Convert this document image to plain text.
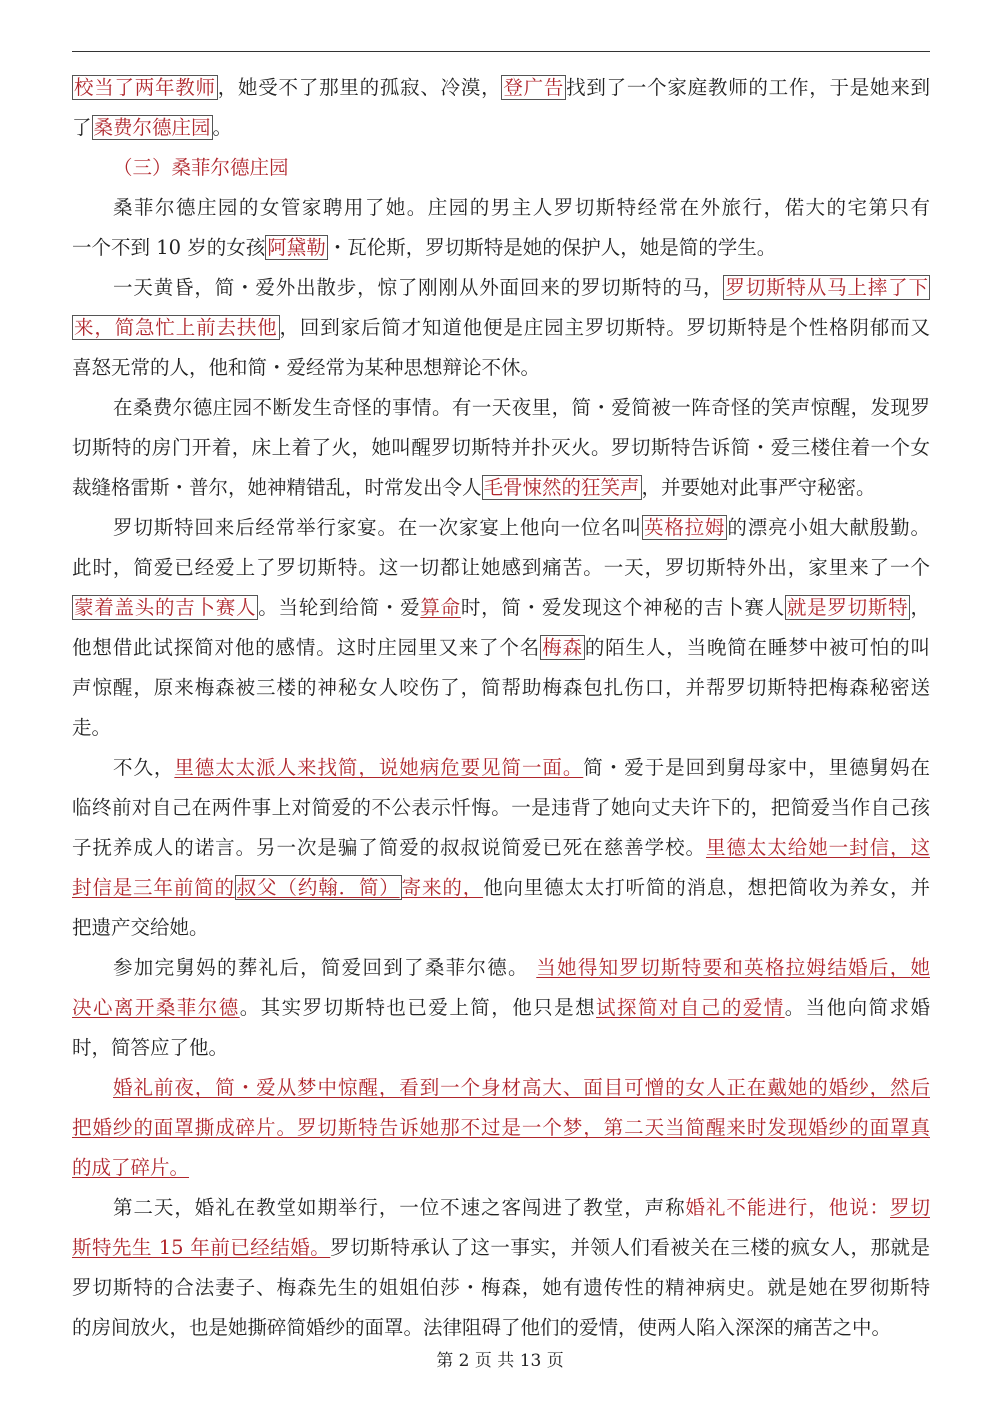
校当了两年教师 ，她受不了那里的孤寂、冷漠， 登广告 找到了一个家庭教师的工作，于是她来到
了 桑费尔德庄园 。
（三）桑菲尔德庄园
桑菲尔德庄园的女管家聘用了她。庄园的男主人罗切斯特经常在外旅行，偌大的宅第只有
一个不到 10 岁的女孩 阿黛勒 ・瓦伦斯，罗切斯特是她的保护人，她是简的学生。
一天黄昏，简・爱外出散步，惊了刚刚从外面回来的罗切斯特的马， 罗切斯特从马上摔了下
来，简急忙上前去扶他 ，回到家后简才知道他便是庄园主罗切斯特。罗切斯特是个性格阴郁而又
喜怒无常的人，他和简・爱经常为某种思想辩论不休。
在桑费尔德庄园不断发生奇怪的事情。有一天夜里，简・爱简被一阵奇怪的笑声惊醒，发现罗
切斯特的房门开着，床上着了火，她叫醒罗切斯特并扑灭火。罗切斯特告诉简・爱三楼住着一个女
裁缝格雷斯・普尔，她神精错乱，时常发出令人 毛骨悚然的狂笑声 ，并要她对此事严守秘密。
罗切斯特回来后经常举行家宴。在一次家宴上他向一位名叫 英格拉姆 的漂亮小姐大献殷勤。
此时，简爱已经爱上了罗切斯特。这一切都让她感到痛苦。一天，罗切斯特外出，家里来了一个
蒙着盖头的吉卜赛人 。当轮到给简・爱算命时，简・爱发现这个神秘的吉卜赛人 就是罗切斯特 ，
他想借此试探简对他的感情。这时庄园里又来了个名 梅森 的陌生人，当晚简在睡梦中被可怕的叫
声惊醒，原来梅森被三楼的神秘女人咬伤了，简帮助梅森包扎伤口，并帮罗切斯特把梅森秘密送
走。
不久，里德太太派人来找简，说她病危要见简一面。简・爱于是回到舅母家中，里德舅妈在
临终前对自己在两件事上对简爱的不公表示忏悔。一是违背了她向丈夫许下的，把简爱当作自己孩
子抚养成人的诺言。另一次是骗了简爱的叔叔说简爱已死在慈善学校。里德太太给她一封信，这
封信是三年前简的 叔父（约翰．简） 寄来的，他向里德太太打听简的消息，想把简收为养女，并
把遗产交给她。
参加完舅妈的葬礼后，简爱回到了桑菲尔德。 当她得知罗切斯特要和英格拉姆结婚后，她
决心离开桑菲尔德。其实罗切斯特也已爱上简，他只是想试探简对自己的爱情。当他向简求婚
时，简答应了他。
婚礼前夜，简・爱从梦中惊醒，看到一个身材高大、面目可憎的女人正在戴她的婚纱，然后
把婚纱的面罩撕成碎片。罗切斯特告诉她那不过是一个梦，第二天当简醒来时发现婚纱的面罩真
的成了碎片。
第二天，婚礼在教堂如期举行，一位不速之客闯进了教堂，声称婚礼不能进行，他说：罗切
斯特先生 15 年前已经结婚。罗切斯特承认了这一事实，并领人们看被关在三楼的疯女人，那就是
罗切斯特的合法妻子、梅森先生的姐姐伯莎・梅森，她有遗传性的精神病史。就是她在罗彻斯特
的房间放火，也是她撕碎简婚纱的面罩。法律阻碍了他们的爱情，使两人陷入深深的痛苦之中。
第 2 页 共 13 页
